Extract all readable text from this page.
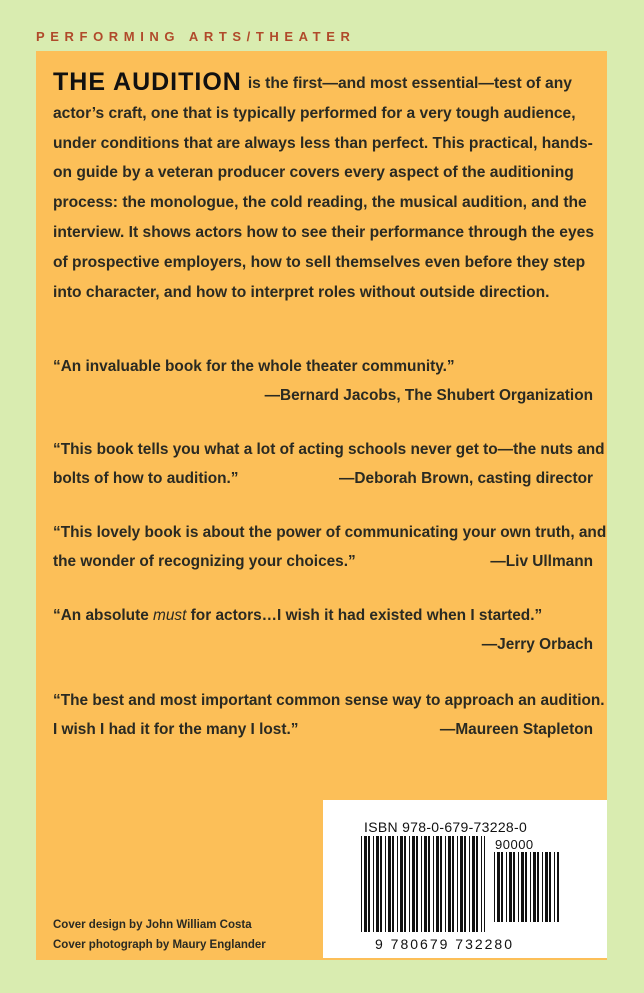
PERFORMING ARTS/THEATER

THE AUDITION is the first—and most essential—test of any actor’s craft, one that is typically performed for a very tough audience, under conditions that are always less than perfect. This practical, hands-on guide by a veteran producer covers every aspect of the auditioning process: the monologue, the cold reading, the musical audition, and the interview. It shows actors how to see their performance through the eyes of prospective employers, how to sell themselves even before they step into character, and how to interpret roles without outside direction.

“An invaluable book for the whole theater community.”
—Bernard Jacobs, The Shubert Organization
“This book tells you what a lot of acting schools never get to—the nuts and
bolts of how to audition.”	—Deborah Brown, casting director
“This lovely book is about the power of communicating your own truth, and
the wonder of recognizing your choices.”	—Liv Ullmann
“An absolute must for actors…I wish it had existed when I started.”
—Jerry Orbach
“The best and most important common sense way to approach an audition.
I wish I had it for the many I lost.”	—Maureen Stapleton
ISBN 978-0-679-73228-0
90000
9 780679 732280
Cover design by John William Costa
Cover photograph by Maury Englander
